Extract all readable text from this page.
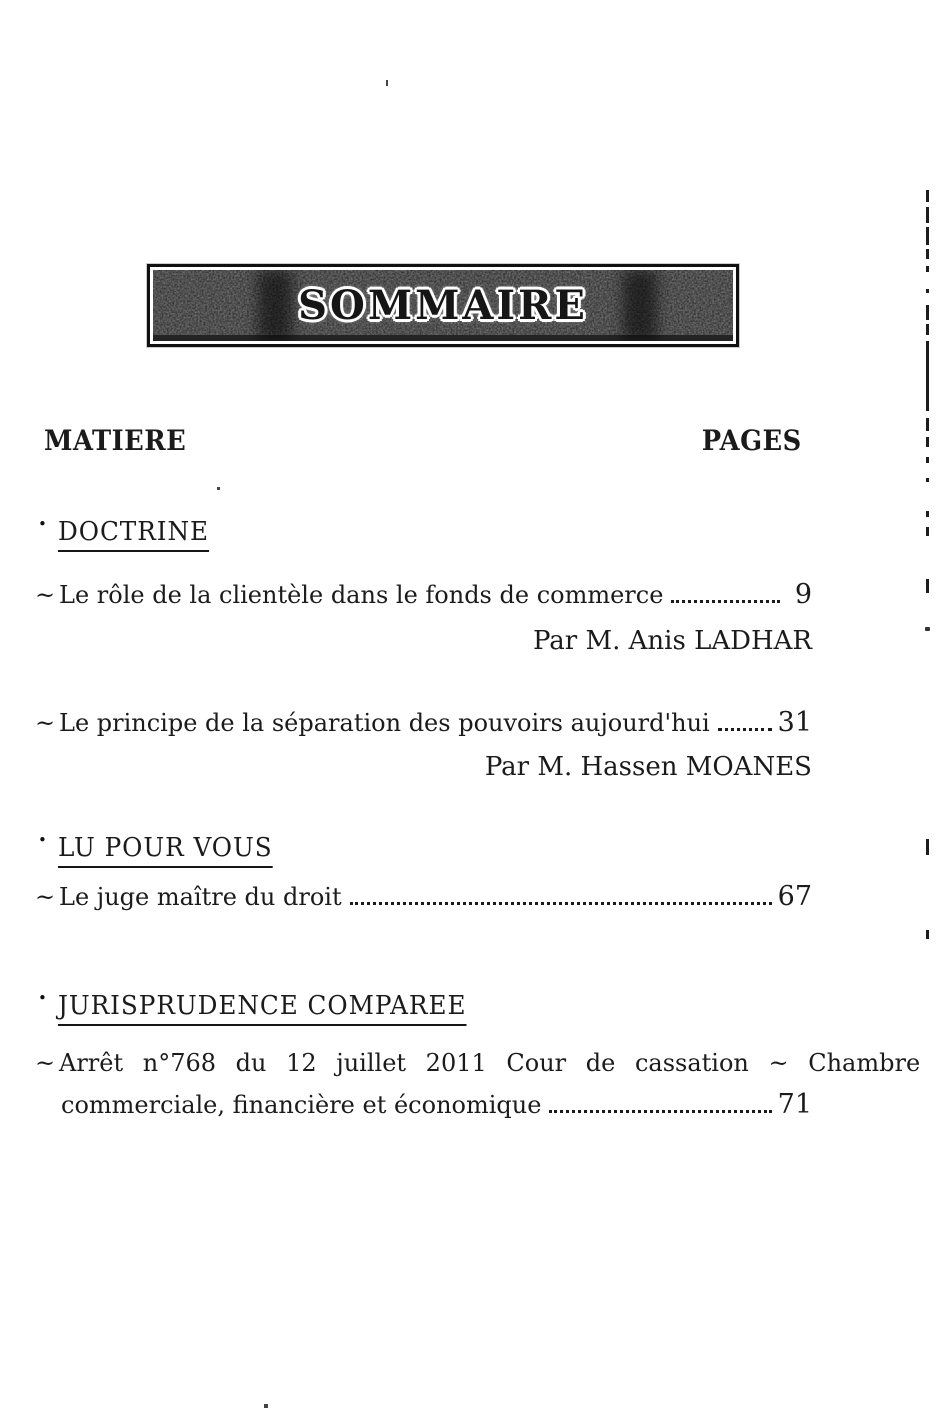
SOMMAIRE
MATIERE	PAGES
• DOCTRINE
~ Le rôle de la clientèle dans le fonds de commerce	9
Par M. Anis LADHAR
~ Le principe de la séparation des pouvoirs aujourd'hui	31
Par M. Hassen MOANES
• LU POUR VOUS
~ Le juge maître du droit	67
• JURISPRUDENCE COMPAREE
~ Arrêt n°768 du 12 juillet 2011 Cour de cassation ~ Chambre
commerciale, financière et économique	71
